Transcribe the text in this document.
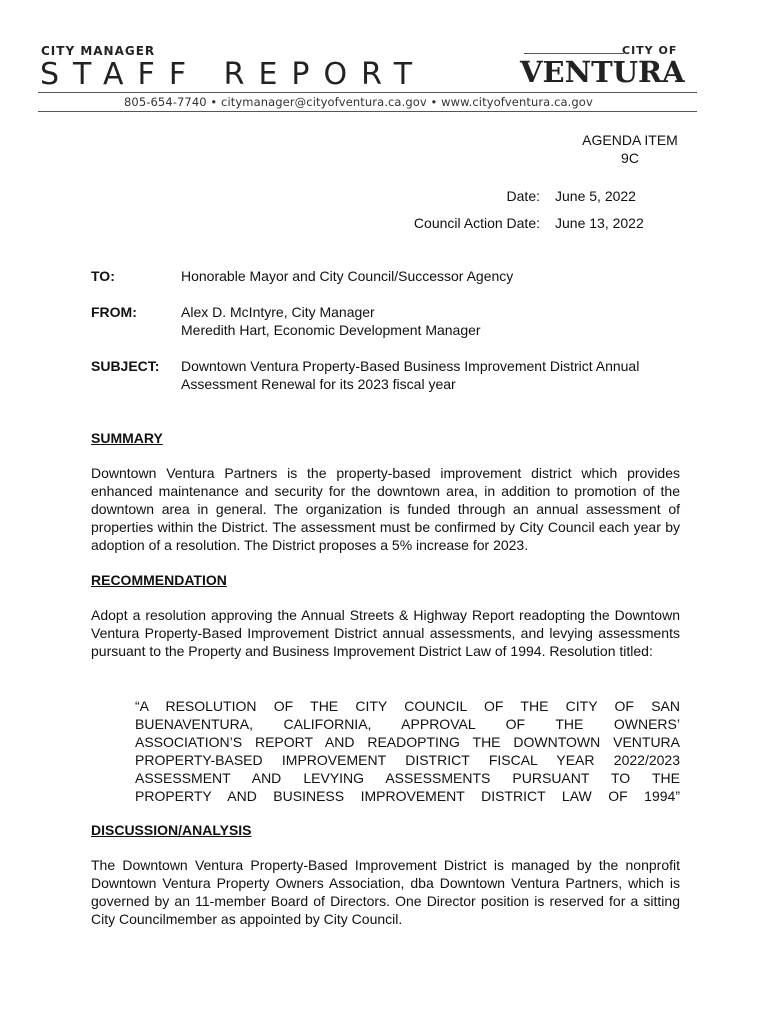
CITY MANAGER
STAFF REPORT
CITY OF
VENTURA
805-654-7740 • citymanager@cityofventura.ca.gov • www.cityofventura.ca.gov
AGENDA ITEM
9C
Date: June 5, 2022
Council Action Date: June 13, 2022
TO:	Honorable Mayor and City Council/Successor Agency
FROM:	Alex D. McIntyre, City Manager
Meredith Hart, Economic Development Manager
SUBJECT: Downtown Ventura Property-Based Business Improvement District Annual
Assessment Renewal for its 2023 fiscal year
SUMMARY
Downtown Ventura Partners is the property-based improvement district which provides enhanced maintenance and security for the downtown area, in addition to promotion of the downtown area in general. The organization is funded through an annual assessment of properties within the District. The assessment must be confirmed by City Council each year by adoption of a resolution. The District proposes a 5% increase for 2023.
RECOMMENDATION
Adopt a resolution approving the Annual Streets & Highway Report readopting the Downtown Ventura Property-Based Improvement District annual assessments, and levying assessments pursuant to the Property and Business Improvement District Law of 1994. Resolution titled:
“A RESOLUTION OF THE CITY COUNCIL OF THE CITY OF SAN
BUENAVENTURA, CALIFORNIA, APPROVAL OF THE OWNERS’
ASSOCIATION’S REPORT AND READOPTING THE DOWNTOWN VENTURA
PROPERTY-BASED IMPROVEMENT DISTRICT FISCAL YEAR 2022/2023
ASSESSMENT AND LEVYING ASSESSMENTS PURSUANT TO THE
PROPERTY AND BUSINESS IMPROVEMENT DISTRICT LAW OF 1994”
DISCUSSION/ANALYSIS
The Downtown Ventura Property-Based Improvement District is managed by the nonprofit Downtown Ventura Property Owners Association, dba Downtown Ventura Partners, which is governed by an 11-member Board of Directors. One Director position is reserved for a sitting City Councilmember as appointed by City Council.
